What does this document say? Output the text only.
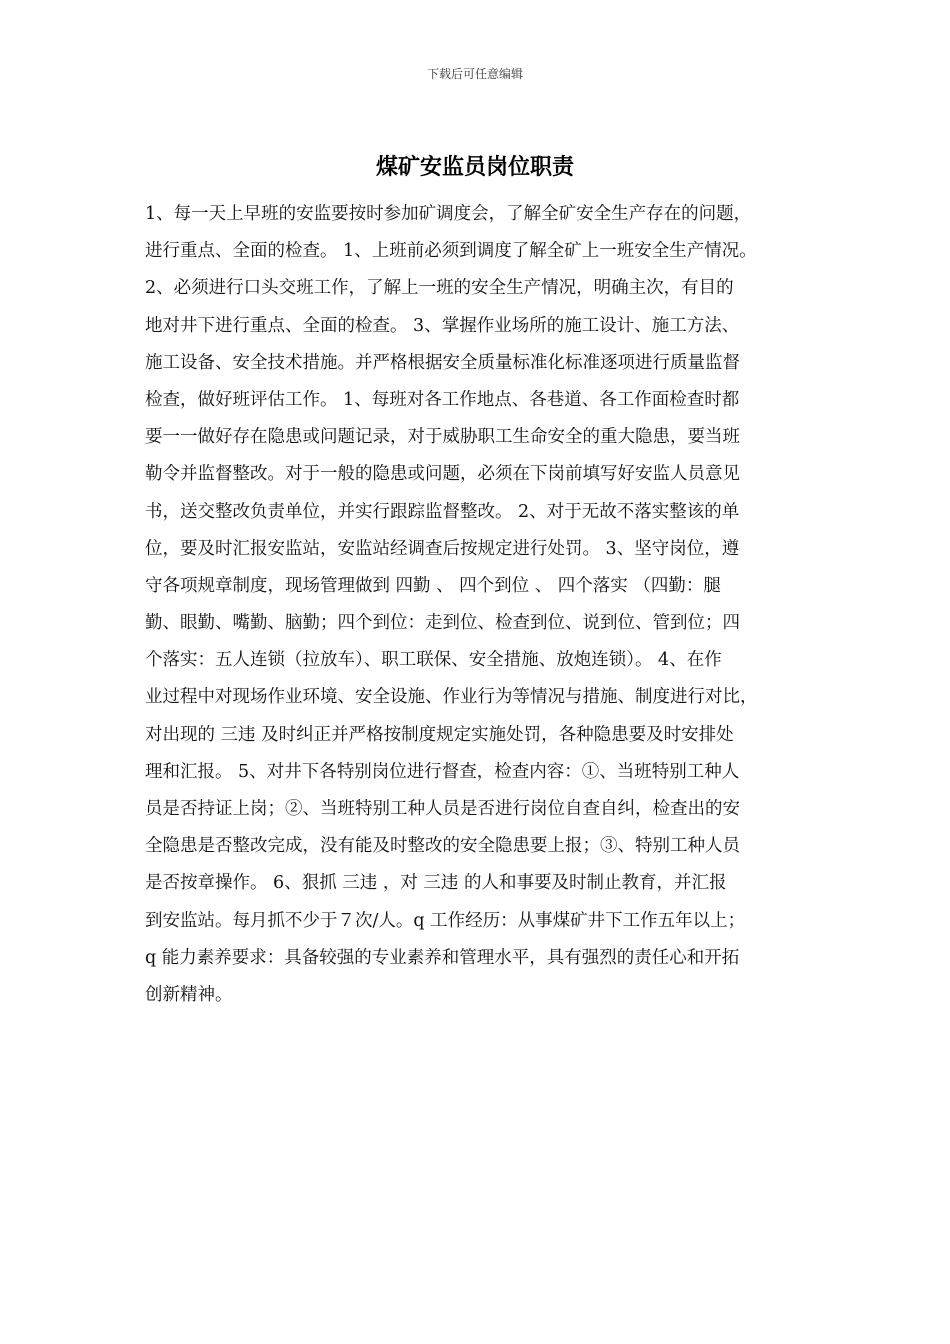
下载后可任意编辑
煤矿安监员岗位职责
1、每一天上早班的安监要按时参加矿调度会，了解全矿安全生产存在的问题，
进行重点、全面的检查。 1、上班前必须到调度了解全矿上一班安全生产情况。
2、必须进行口头交班工作，了解上一班的安全生产情况，明确主次，有目的
地对井下进行重点、全面的检查。 3、掌握作业场所的施工设计、施工方法、
施工设备、安全技术措施。并严格根据安全质量标准化标准逐项进行质量监督
检查，做好班评估工作。 1、每班对各工作地点、各巷道、各工作面检查时都
要一一做好存在隐患或问题记录，对于威胁职工生命安全的重大隐患，要当班
勒令并监督整改。对于一般的隐患或问题，必须在下岗前填写好安监人员意见
书，送交整改负责单位，并实行跟踪监督整改。 2、对于无故不落实整该的单
位，要及时汇报安监站，安监站经调查后按规定进行处罚。 3、坚守岗位，遵
守各项规章制度，现场管理做到 四勤 、 四个到位 、 四个落实 （四勤：腿
勤、眼勤、嘴勤、脑勤；四个到位：走到位、检查到位、说到位、管到位；四
个落实：五人连锁（拉放车）、职工联保、安全措施、放炮连锁）。 4、在作
业过程中对现场作业环境、安全设施、作业行为等情况与措施、制度进行对比，
对出现的 三违 及时纠正并严格按制度规定实施处罚，各种隐患要及时安排处
理和汇报。 5、对井下各特别岗位进行督查，检查内容：①、当班特别工种人
员是否持证上岗；②、当班特别工种人员是否进行岗位自查自纠，检查出的安
全隐患是否整改完成，没有能及时整改的安全隐患要上报；③、特别工种人员
是否按章操作。 6、狠抓 三违 ，对 三违 的人和事要及时制止教育，并汇报
到安监站。每月抓不少于７次/人。q 工作经历：从事煤矿井下工作五年以上；
q 能力素养要求：具备较强的专业素养和管理水平，具有强烈的责任心和开拓
创新精神。
